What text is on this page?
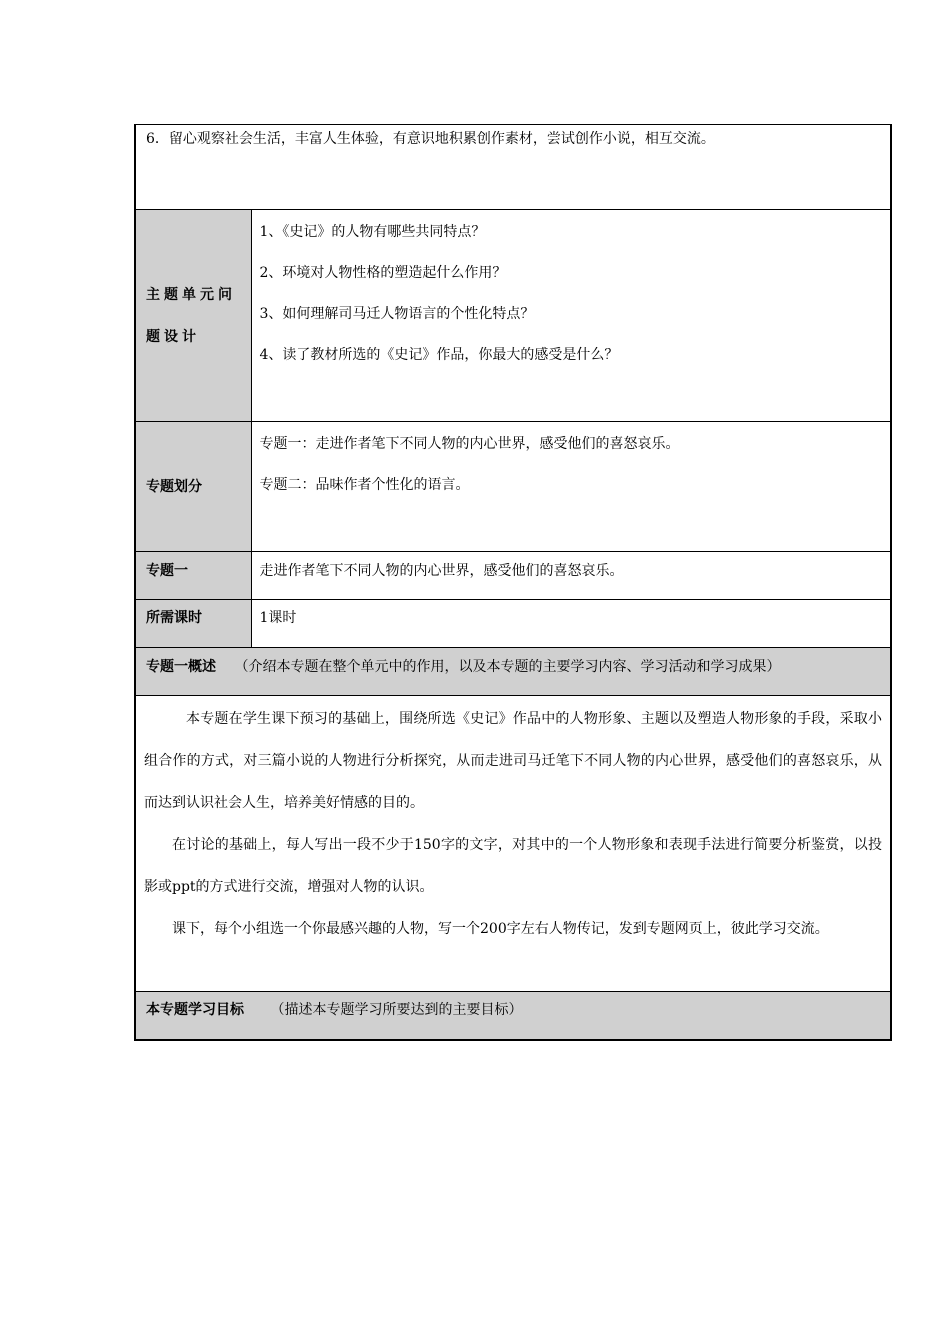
6．留心观察社会生活，丰富人生体验，有意识地积累创作素材，尝试创作小说，相互交流。	

主题单元问题设计	1、《史记》的人物有哪些共同特点？

2、环境对人物性格的塑造起什么作用？

3、如何理解司马迁人物语言的个性化特点？

4、读了教材所选的《史记》作品，你最大的感受是什么？

专题划分	专题一：走进作者笔下不同人物的内心世界，感受他们的喜怒哀乐。

专题二：品味作者个性化的语言。

专题一	走进作者笔下不同人物的内心世界，感受他们的喜怒哀乐。

所需课时	1课时

专题一概述 （介绍本专题在整个单元中的作用，以及本专题的主要学习内容、学习活动和学习成果）	

本专题在学生课下预习的基础上，围绕所选《史记》作品中的人物形象、主题以及塑造人物形象的手段，采取小组合作的方式，对三篇小说的人物进行分析探究，从而走进司马迁笔下不同人物的内心世界，感受他们的喜怒哀乐，从而达到认识社会人生，培养美好情感的目的。

在讨论的基础上，每人写出一段不少于150字的文字，对其中的一个人物形象和表现手法进行简要分析鉴赏，以投影或ppt的方式进行交流，增强对人物的认识。

课下，每个小组选一个你最感兴趣的人物，写一个200字左右人物传记，发到专题网页上，彼此学习交流。	

本专题学习目标 （描述本专题学习所要达到的主要目标）	
